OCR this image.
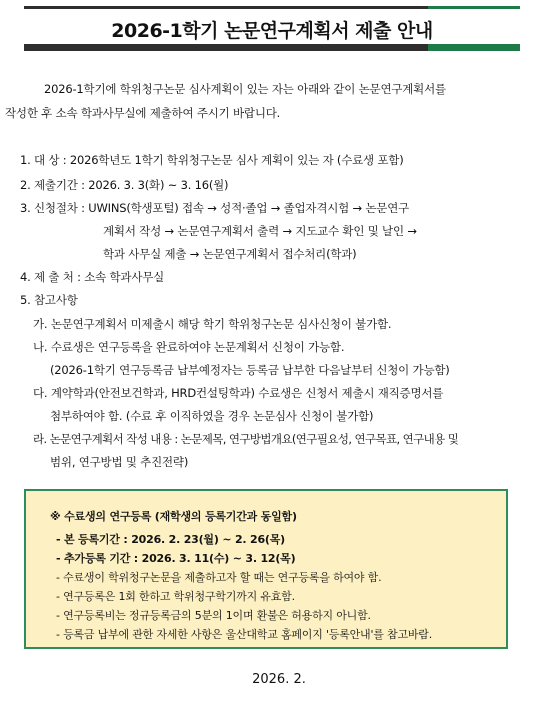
2026-1학기 논문연구계획서 제출 안내
2026-1학기에 학위청구논문 심사계획이 있는 자는 아래와 같이 논문연구계획서를
작성한 후 소속 학과사무실에 제출하여 주시기 바랍니다.
1. 대 상 : 2026학년도 1학기 학위청구논문 심사 계획이 있는 자 (수료생 포함)
2. 제출기간 : 2026. 3. 3(화) ~ 3. 16(월)
3. 신청절차 : UWINS(학생포털) 접속 → 성적·졸업 → 졸업자격시험 → 논문연구
계획서 작성 → 논문연구계획서 출력 → 지도교수 확인 및 날인 →
학과 사무실 제출 → 논문연구계획서 접수처리(학과)
4. 제 출 처 : 소속 학과사무실
5. 참고사항
가. 논문연구계획서 미제출시 해당 학기 학위청구논문 심사신청이 불가함.
나. 수료생은 연구등록을 완료하여야 논문계획서 신청이 가능함.
(2026-1학기 연구등록금 납부예정자는 등록금 납부한 다음날부터 신청이 가능함)
다. 계약학과(안전보건학과, HRD컨설팅학과) 수료생은 신청서 제출시 재직증명서를
첨부하여야 함. (수료 후 이직하였을 경우 논문심사 신청이 불가함)
라. 논문연구계획서 작성 내용 : 논문제목, 연구방법개요(연구필요성, 연구목표, 연구내용 및
범위, 연구방법 및 추진전략)
※ 수료생의 연구등록 (재학생의 등록기간과 동일함)
- 본 등록기간 : 2026. 2. 23(월) ~ 2. 26(목)
- 추가등록 기간 : 2026. 3. 11(수) ~ 3. 12(목)
- 수료생이 학위청구논문을 제출하고자 할 때는 연구등록을 하여야 함.
- 연구등록은 1회 한하고 학위청구학기까지 유효함.
- 연구등록비는 정규등록금의 5분의 1이며 환불은 허용하지 아니함.
- 등록금 납부에 관한 자세한 사항은 울산대학교 홈페이지 '등록안내'를 참고바람.
2026. 2.
